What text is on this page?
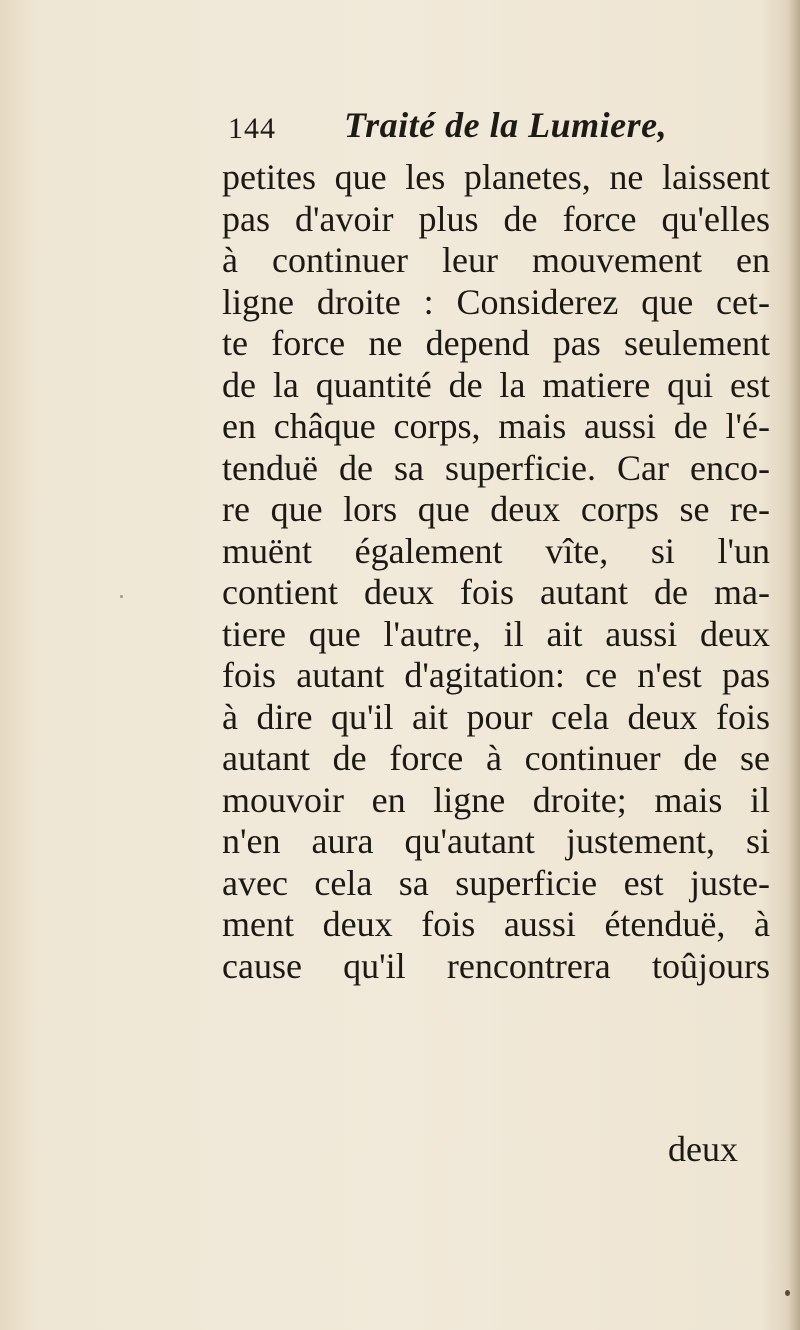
144 Traité de la Lumiere,
petites que les planetes, ne laissent
pas d'avoir plus de force qu'elles
à continuer leur mouvement en
ligne droite : Considerez que cet-
te force ne depend pas seulement
de la quantité de la matiere qui est
en châque corps, mais aussi de l'é-
tenduë de sa superficie. Car enco-
re que lors que deux corps se re-
muënt également vîte, si l'un
contient deux fois autant de ma-
tiere que l'autre, il ait aussi deux
fois autant d'agitation: ce n'est pas
à dire qu'il ait pour cela deux fois
autant de force à continuer de se
mouvoir en ligne droite; mais il
n'en aura qu'autant justement, si
avec cela sa superficie est juste-
ment deux fois aussi étenduë, à
cause qu'il rencontrera toûjours
deux
